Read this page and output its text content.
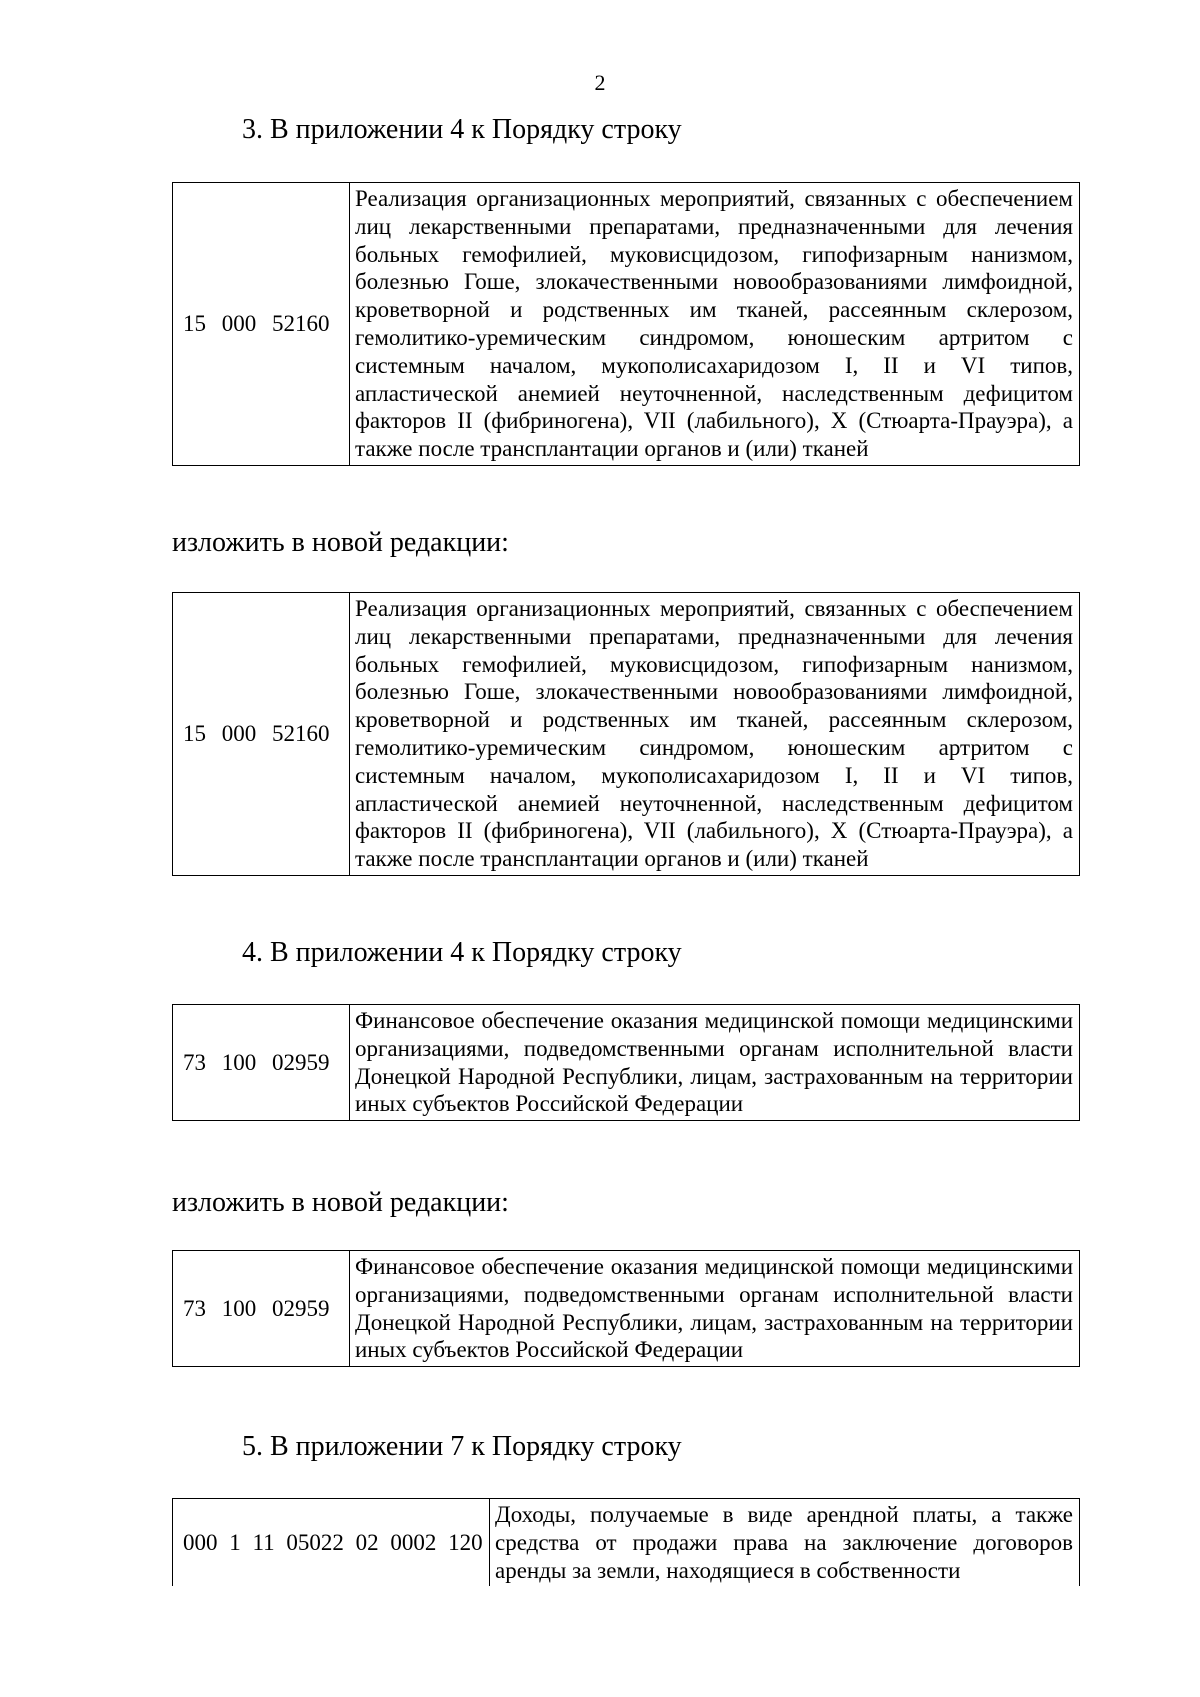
2
3. В приложении 4 к Порядку строку
15 000 52160	Реализация организационных мероприятий, связанных с обеспечением лиц лекарственными препаратами, предназначенными для лечения больных гемофилией, муковисцидозом, гипофизарным нанизмом, болезнью Гоше, злокачественными новообразованиями лимфоидной, кроветворной и родственных им тканей, рассеянным склерозом, гемолитико-уремическим синдромом, юношеским артритом с системным началом, мукополисахаридозом I, II и VI типов, апластической анемией неуточненной, наследственным дефицитом факторов II (фибриногена), VII (лабильного), X (Стюарта-Прауэра), а также после трансплантации органов и (или) тканей
изложить в новой редакции:
15 000 52160	Реализация организационных мероприятий, связанных с обеспечением лиц лекарственными препаратами, предназначенными для лечения больных гемофилией, муковисцидозом, гипофизарным нанизмом, болезнью Гоше, злокачественными новообразованиями лимфоидной, кроветворной и родственных им тканей, рассеянным склерозом, гемолитико-уремическим синдромом, юношеским артритом с системным началом, мукополисахаридозом I, II и VI типов, апластической анемией неуточненной, наследственным дефицитом факторов II (фибриногена), VII (лабильного), X (Стюарта-Прауэра), а также после трансплантации органов и (или) тканей
4. В приложении 4 к Порядку строку
73 100 02959	Финансовое обеспечение оказания медицинской помощи медицинскими организациями, подведомственными органам исполнительной власти Донецкой Народной Республики, лицам, застрахованным на территории иных субъектов Российской Федерации
изложить в новой редакции:
73 100 02959	Финансовое обеспечение оказания медицинской помощи медицинскими организациями, подведомственными органам исполнительной власти Донецкой Народной Республики, лицам, застрахованным на территории иных субъектов Российской Федерации
5. В приложении 7 к Порядку строку
000 1 11 05022 02 0002 120	Доходы, получаемые в виде арендной платы, а также средства от продажи права на заключение договоров аренды за земли, находящиеся в собственности
